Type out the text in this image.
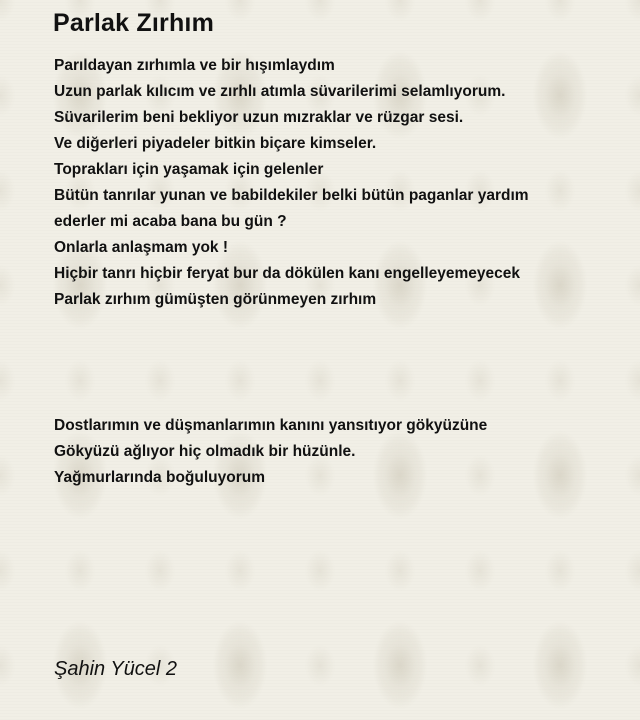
Parlak Zırhım
Parıldayan zırhımla ve bir hışımlaydım
Uzun parlak kılıcım ve zırhlı atımla süvarilerimi selamlıyorum.
Süvarilerim beni bekliyor uzun mızraklar ve rüzgar sesi.
Ve diğerleri piyadeler bitkin biçare kimseler.
Toprakları için yaşamak için gelenler
Bütün tanrılar yunan ve babildekiler belki bütün paganlar yardım
ederler mi acaba bana bu gün ?
Onlarla anlaşmam yok !
Hiçbir tanrı hiçbir feryat bur da dökülen kanı engelleyemeyecek
Parlak zırhım gümüşten görünmeyen zırhım
Dostlarımın ve düşmanlarımın kanını yansıtıyor gökyüzüne
Gökyüzü ağlıyor hiç olmadık bir hüzünle.
Yağmurlarında boğuluyorum

Şahin Yücel 2
